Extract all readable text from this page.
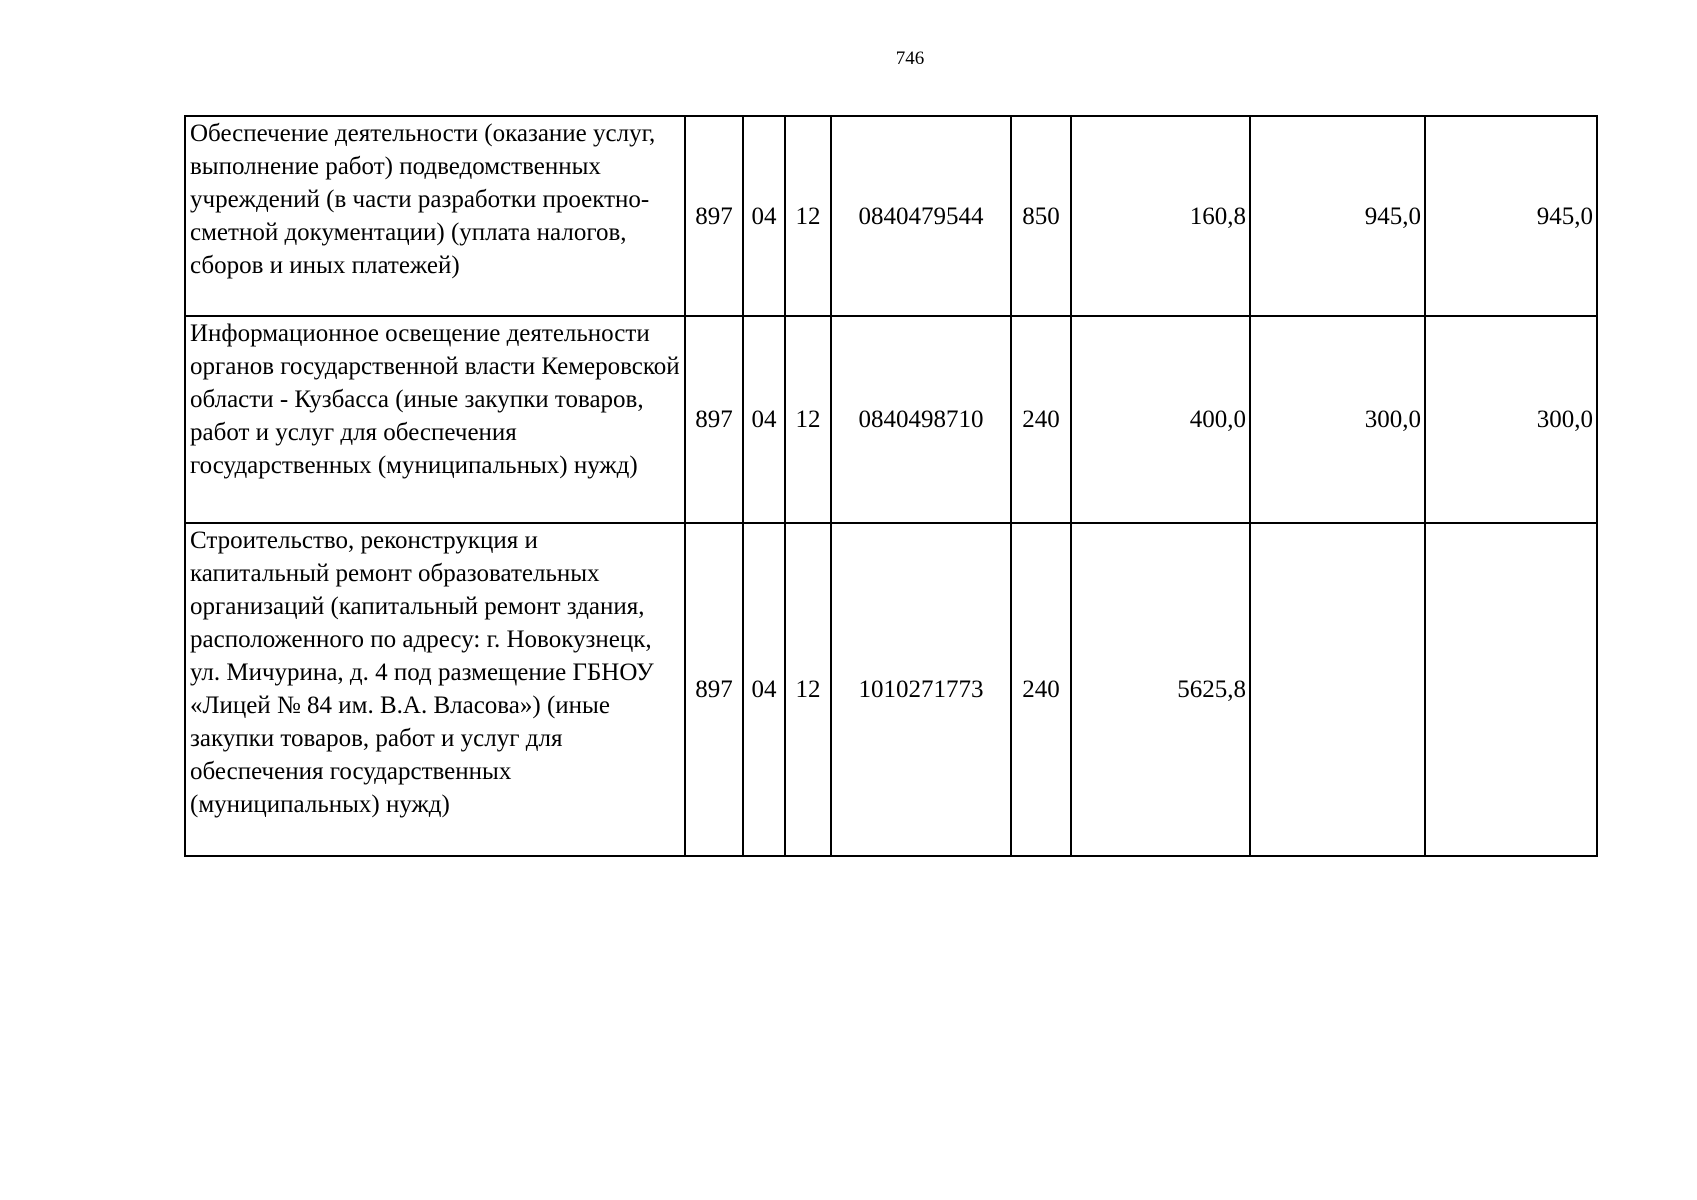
746
Обеспечение деятельности (оказание услуг, выполнение работ) подведомственных учреждений (в части разработки проектно-сметной документации) (уплата налогов, сборов и иных платежей)	897	04	12	0840479544	850	160,8	945,0	945,0
Информационное освещение деятельности органов государственной власти Кемеровской области - Кузбасса (иные закупки товаров, работ и услуг для обеспечения государственных (муниципальных) нужд)	897	04	12	0840498710	240	400,0	300,0	300,0
Строительство, реконструкция и капитальный ремонт образовательных организаций (капитальный ремонт здания, расположенного по адресу: г. Новокузнецк, ул. Мичурина, д. 4 под размещение ГБНОУ «Лицей № 84 им. В.А. Власова») (иные закупки товаров, работ и услуг для обеспечения государственных (муниципальных) нужд)	897	04	12	1010271773	240	5625,8		
